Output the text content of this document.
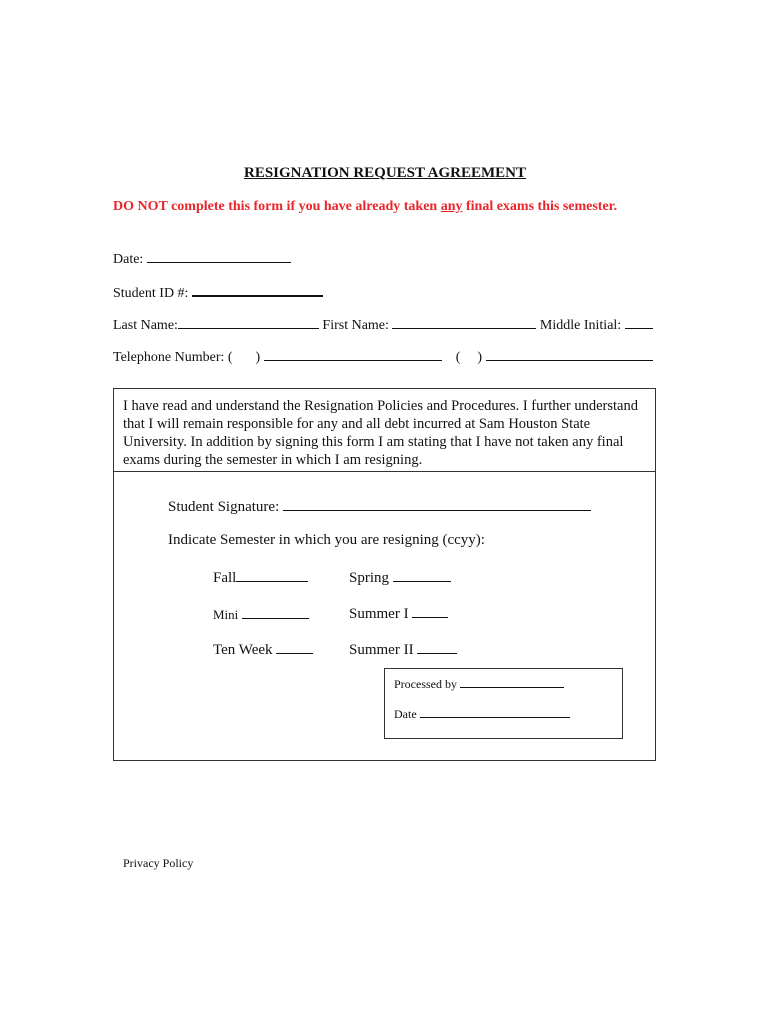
RESIGNATION REQUEST AGREEMENT
DO NOT complete this form if you have already taken any final exams this semester.
Date:
Student ID #:
Last Name:	First Name:	Middle Initial:
Telephone Number: ( )	( )
I have read and understand the Resignation Policies and Procedures. I further understand that I will remain responsible for any and all debt incurred at Sam Houston State University. In addition by signing this form I am stating that I have not taken any final exams during the semester in which I am resigning.
Student Signature:
Indicate Semester in which you are resigning (ccyy):
Fall	Spring
Mini	Summer I
Ten Week	Summer II
Processed by
Date
Privacy Policy
